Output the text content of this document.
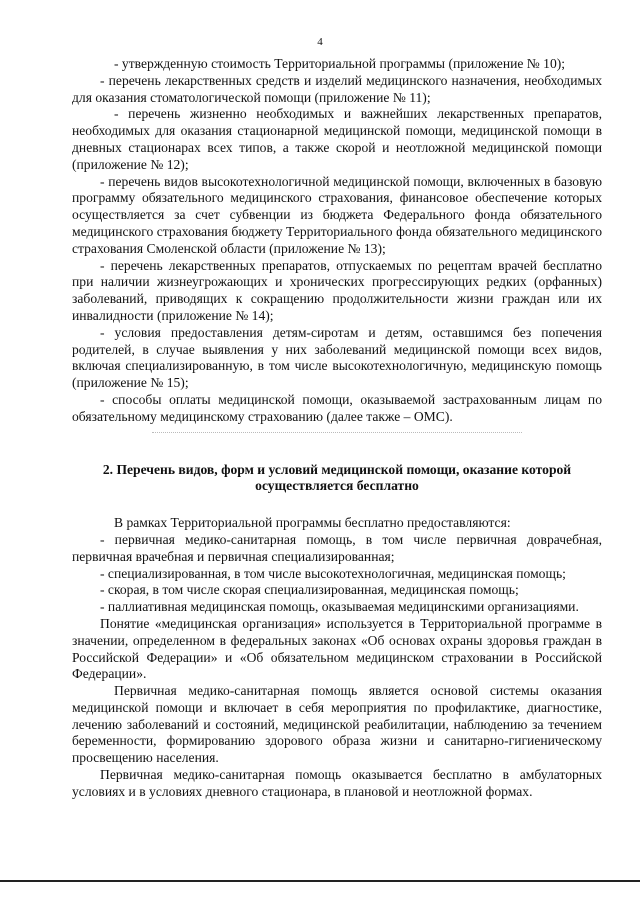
4

- утвержденную стоимость Территориальной программы (приложение № 10);

- перечень лекарственных средств и изделий медицинского назначения, необходимых для оказания стоматологической помощи (приложение № 11);

- перечень жизненно необходимых и важнейших лекарственных препаратов, необходимых для оказания стационарной медицинской помощи, медицинской помощи в дневных стационарах всех типов, а также скорой и неотложной медицинской помощи (приложение № 12);

- перечень видов высокотехнологичной медицинской помощи, включенных в базовую программу обязательного медицинского страхования, финансовое обеспечение которых осуществляется за счет субвенции из бюджета Федерального фонда обязательного медицинского страхования бюджету Территориального фонда обязательного медицинского страхования Смоленской области (приложение № 13);

- перечень лекарственных препаратов, отпускаемых по рецептам врачей бесплатно при наличии жизнеугрожающих и хронических прогрессирующих редких (орфанных) заболеваний, приводящих к сокращению продолжительности жизни граждан или их инвалидности (приложение № 14);

- условия предоставления детям-сиротам и детям, оставшимся без попечения родителей, в случае выявления у них заболеваний медицинской помощи всех видов, включая специализированную, в том числе высокотехнологичную, медицинскую помощь (приложение № 15);

- способы оплаты медицинской помощи, оказываемой застрахованным лицам по обязательному медицинскому страхованию (далее также – ОМС).

2. Перечень видов, форм и условий медицинской помощи, оказание которой осуществляется бесплатно

В рамках Территориальной программы бесплатно предоставляются:

- первичная медико-санитарная помощь, в том числе первичная доврачебная, первичная врачебная и первичная специализированная;

- специализированная, в том числе высокотехнологичная, медицинская помощь;

- скорая, в том числе скорая специализированная, медицинская помощь;

- паллиативная медицинская помощь, оказываемая медицинскими организациями.

Понятие «медицинская организация» используется в Территориальной программе в значении, определенном в федеральных законах «Об основах охраны здоровья граждан в Российской Федерации» и «Об обязательном медицинском страховании в Российской Федерации».

Первичная медико-санитарная помощь является основой системы оказания медицинской помощи и включает в себя мероприятия по профилактике, диагностике, лечению заболеваний и состояний, медицинской реабилитации, наблюдению за течением беременности, формированию здорового образа жизни и санитарно-гигиеническому просвещению населения.

Первичная медико-санитарная помощь оказывается бесплатно в амбулаторных условиях и в условиях дневного стационара, в плановой и неотложной формах.
